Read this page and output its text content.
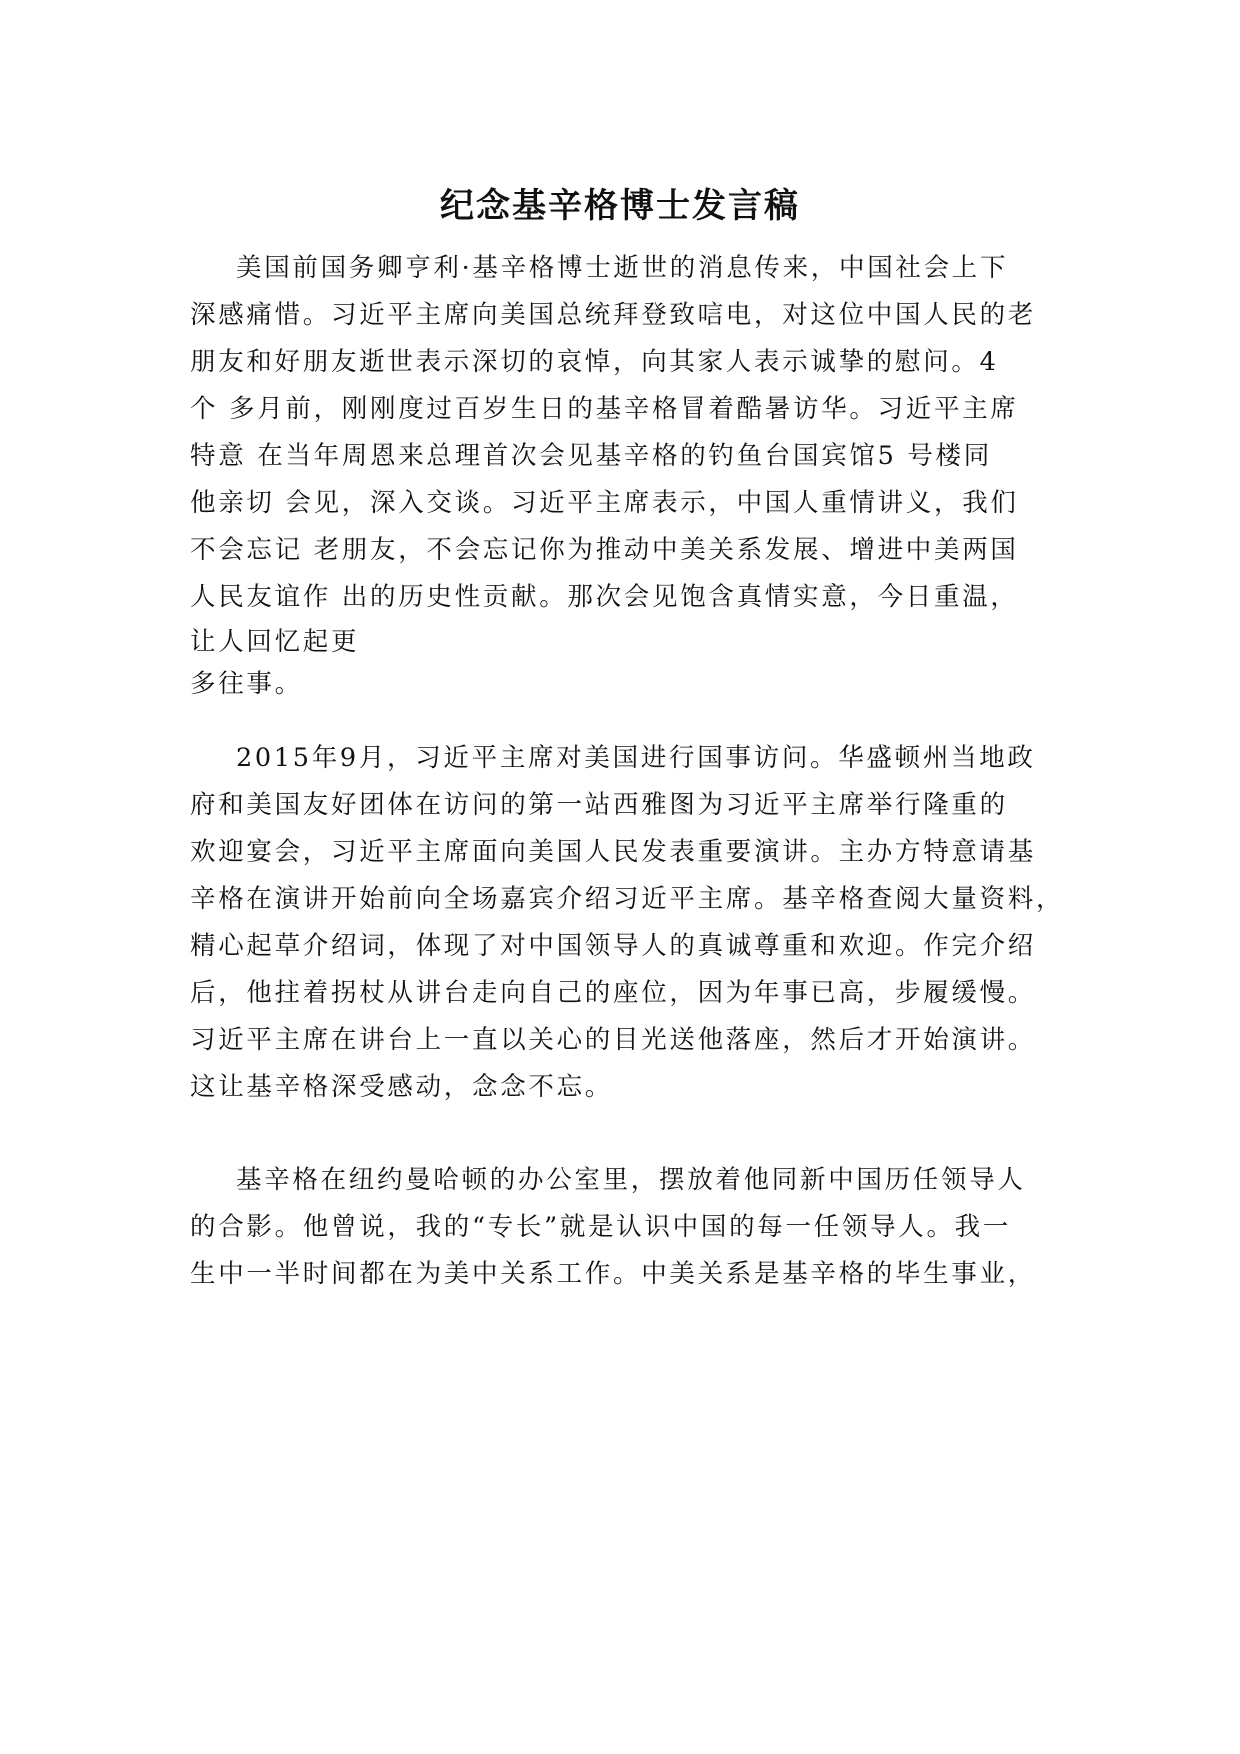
纪念基辛格博士发言稿
美国前国务卿亨利·基辛格博士逝世的消息传来，中国社会上下
深感痛惜。习近平主席向美国总统拜登致唁电，对这位中国人民的老
朋友和好朋友逝世表示深切的哀悼，向其家人表示诚挚的慰问。4
个 多月前，刚刚度过百岁生日的基辛格冒着酷暑访华。习近平主席
特意 在当年周恩来总理首次会见基辛格的钓鱼台国宾馆5 号楼同
他亲切 会见，深入交谈。习近平主席表示，中国人重情讲义，我们
不会忘记 老朋友，不会忘记你为推动中美关系发展、增进中美两国
人民友谊作 出的历史性贡献。那次会见饱含真情实意，今日重温，
让人回忆起更
多往事。
2015年9月，习近平主席对美国进行国事访问。华盛顿州当地政
府和美国友好团体在访问的第一站西雅图为习近平主席举行隆重的
欢迎宴会，习近平主席面向美国人民发表重要演讲。主办方特意请基
辛格在演讲开始前向全场嘉宾介绍习近平主席。基辛格查阅大量资料，
精心起草介绍词，体现了对中国领导人的真诚尊重和欢迎。作完介绍
后，他拄着拐杖从讲台走向自己的座位，因为年事已高，步履缓慢。
习近平主席在讲台上一直以关心的目光送他落座，然后才开始演讲。
这让基辛格深受感动，念念不忘。
基辛格在纽约曼哈顿的办公室里，摆放着他同新中国历任领导人
的合影。他曾说，我的“专长”就是认识中国的每一任领导人。我一
生中一半时间都在为美中关系工作。中美关系是基辛格的毕生事业，
